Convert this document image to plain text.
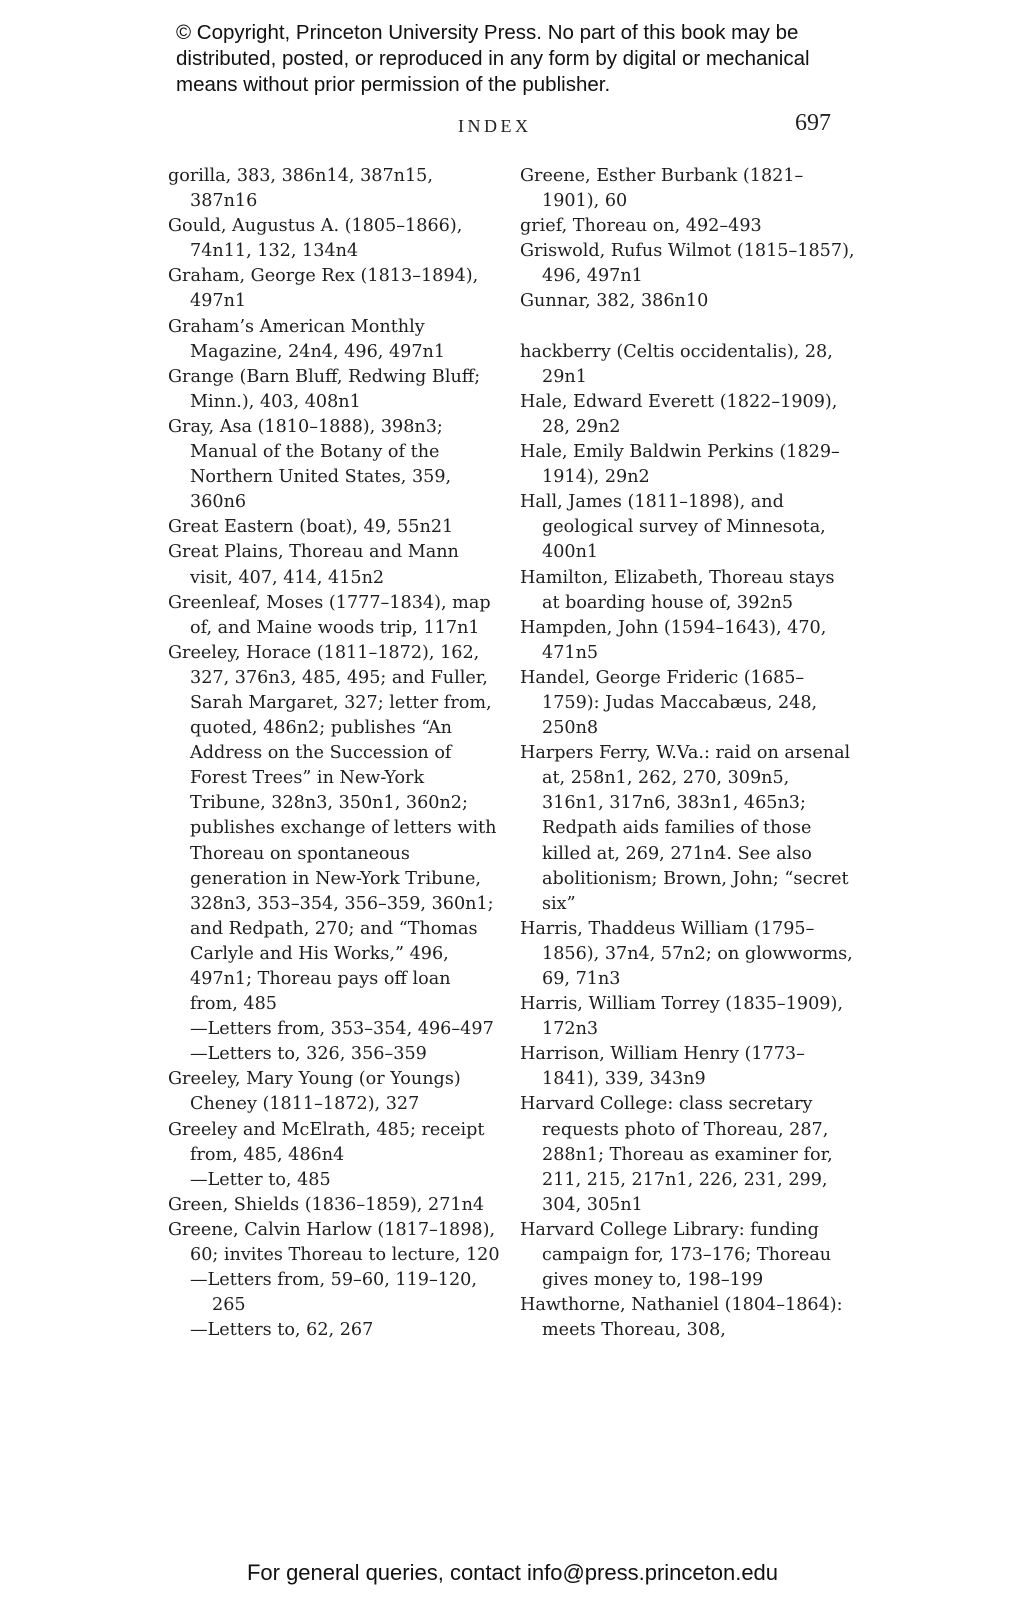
© Copyright, Princeton University Press. No part of this book may be distributed, posted, or reproduced in any form by digital or mechanical means without prior permission of the publisher.
INDEX	697
gorilla, 383, 386n14, 387n15, 387n16
Gould, Augustus A. (1805–1866), 74n11, 132, 134n4
Graham, George Rex (1813–1894), 497n1
Graham’s American Monthly Magazine, 24n4, 496, 497n1
Grange (Barn Bluff, Redwing Bluff; Minn.), 403, 408n1
Gray, Asa (1810–1888), 398n3; Manual of the Botany of the Northern United States, 359, 360n6
Great Eastern (boat), 49, 55n21
Great Plains, Thoreau and Mann visit, 407, 414, 415n2
Greenleaf, Moses (1777–1834), map of, and Maine woods trip, 117n1
Greeley, Horace (1811–1872), 162, 327, 376n3, 485, 495; and Fuller, Sarah Margaret, 327; letter from, quoted, 486n2; publishes “An Address on the Succession of Forest Trees” in New-York Tribune, 328n3, 350n1, 360n2; publishes exchange of letters with Thoreau on spontaneous generation in New-York Tribune, 328n3, 353–354, 356–359, 360n1; and Redpath, 270; and “Thomas Carlyle and His Works,” 496, 497n1; Thoreau pays off loan from, 485
—Letters from, 353–354, 496–497
—Letters to, 326, 356–359
Greeley, Mary Young (or Youngs) Cheney (1811–1872), 327
Greeley and McElrath, 485; receipt from, 485, 486n4
—Letter to, 485
Green, Shields (1836–1859), 271n4
Greene, Calvin Harlow (1817–1898), 60; invites Thoreau to lecture, 120
—Letters from, 59–60, 119–120, 265
—Letters to, 62, 267
Greene, Esther Burbank (1821–1901), 60
grief, Thoreau on, 492–493
Griswold, Rufus Wilmot (1815–1857), 496, 497n1
Gunnar, 382, 386n10
hackberry (Celtis occidentalis), 28, 29n1
Hale, Edward Everett (1822–1909), 28, 29n2
Hale, Emily Baldwin Perkins (1829–1914), 29n2
Hall, James (1811–1898), and geological survey of Minnesota, 400n1
Hamilton, Elizabeth, Thoreau stays at boarding house of, 392n5
Hampden, John (1594–1643), 470, 471n5
Handel, George Frideric (1685–1759): Judas Maccabæus, 248, 250n8
Harpers Ferry, W.Va.: raid on arsenal at, 258n1, 262, 270, 309n5, 316n1, 317n6, 383n1, 465n3; Redpath aids families of those killed at, 269, 271n4. See also abolitionism; Brown, John; “secret six”
Harris, Thaddeus William (1795–1856), 37n4, 57n2; on glowworms, 69, 71n3
Harris, William Torrey (1835–1909), 172n3
Harrison, William Henry (1773–1841), 339, 343n9
Harvard College: class secretary requests photo of Thoreau, 287, 288n1; Thoreau as examiner for, 211, 215, 217n1, 226, 231, 299, 304, 305n1
Harvard College Library: funding campaign for, 173–176; Thoreau gives money to, 198–199
Hawthorne, Nathaniel (1804–1864): meets Thoreau, 308,
For general queries, contact info@press.princeton.edu
